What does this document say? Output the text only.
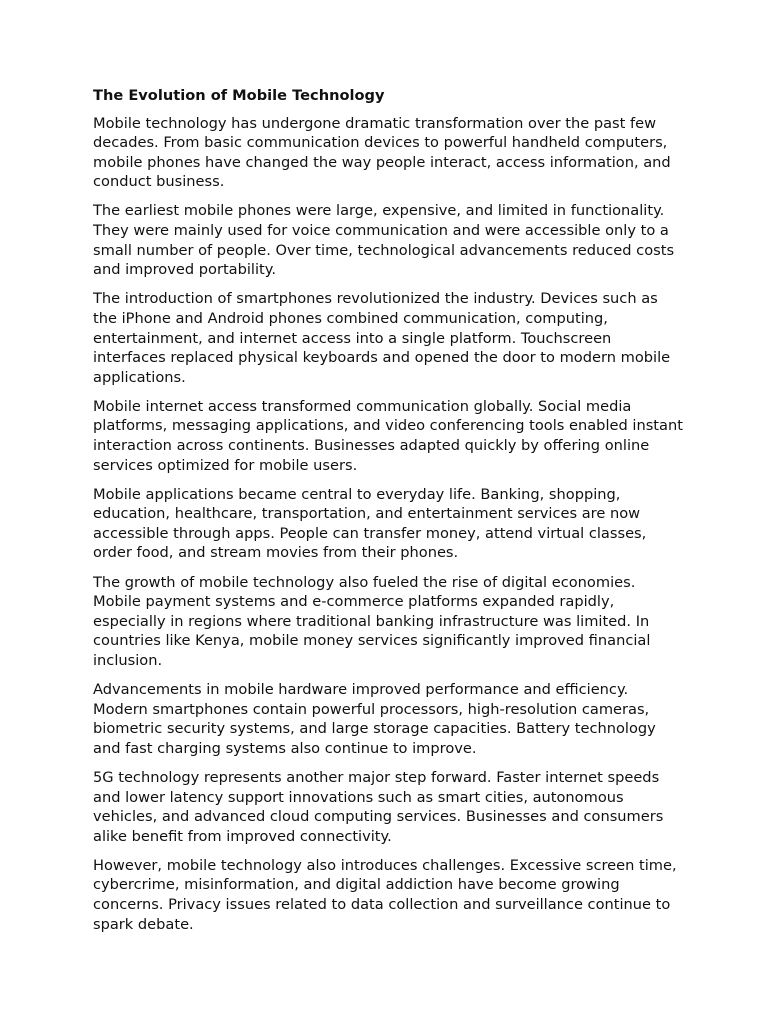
The Evolution of Mobile Technology

Mobile technology has undergone dramatic transformation over the past few decades. From basic communication devices to powerful handheld computers, mobile phones have changed the way people interact, access information, and conduct business.

The earliest mobile phones were large, expensive, and limited in functionality. They were mainly used for voice communication and were accessible only to a small number of people. Over time, technological advancements reduced costs and improved portability.

The introduction of smartphones revolutionized the industry. Devices such as the iPhone and Android phones combined communication, computing, entertainment, and internet access into a single platform. Touchscreen interfaces replaced physical keyboards and opened the door to modern mobile applications.

Mobile internet access transformed communication globally. Social media platforms, messaging applications, and video conferencing tools enabled instant interaction across continents. Businesses adapted quickly by offering online services optimized for mobile users.

Mobile applications became central to everyday life. Banking, shopping, education, healthcare, transportation, and entertainment services are now accessible through apps. People can transfer money, attend virtual classes, order food, and stream movies from their phones.

The growth of mobile technology also fueled the rise of digital economies. Mobile payment systems and e-commerce platforms expanded rapidly, especially in regions where traditional banking infrastructure was limited. In countries like Kenya, mobile money services significantly improved financial inclusion.

Advancements in mobile hardware improved performance and efficiency. Modern smartphones contain powerful processors, high-resolution cameras, biometric security systems, and large storage capacities. Battery technology and fast charging systems also continue to improve.

5G technology represents another major step forward. Faster internet speeds and lower latency support innovations such as smart cities, autonomous vehicles, and advanced cloud computing services. Businesses and consumers alike benefit from improved connectivity.

However, mobile technology also introduces challenges. Excessive screen time, cybercrime, misinformation, and digital addiction have become growing concerns. Privacy issues related to data collection and surveillance continue to spark debate.
